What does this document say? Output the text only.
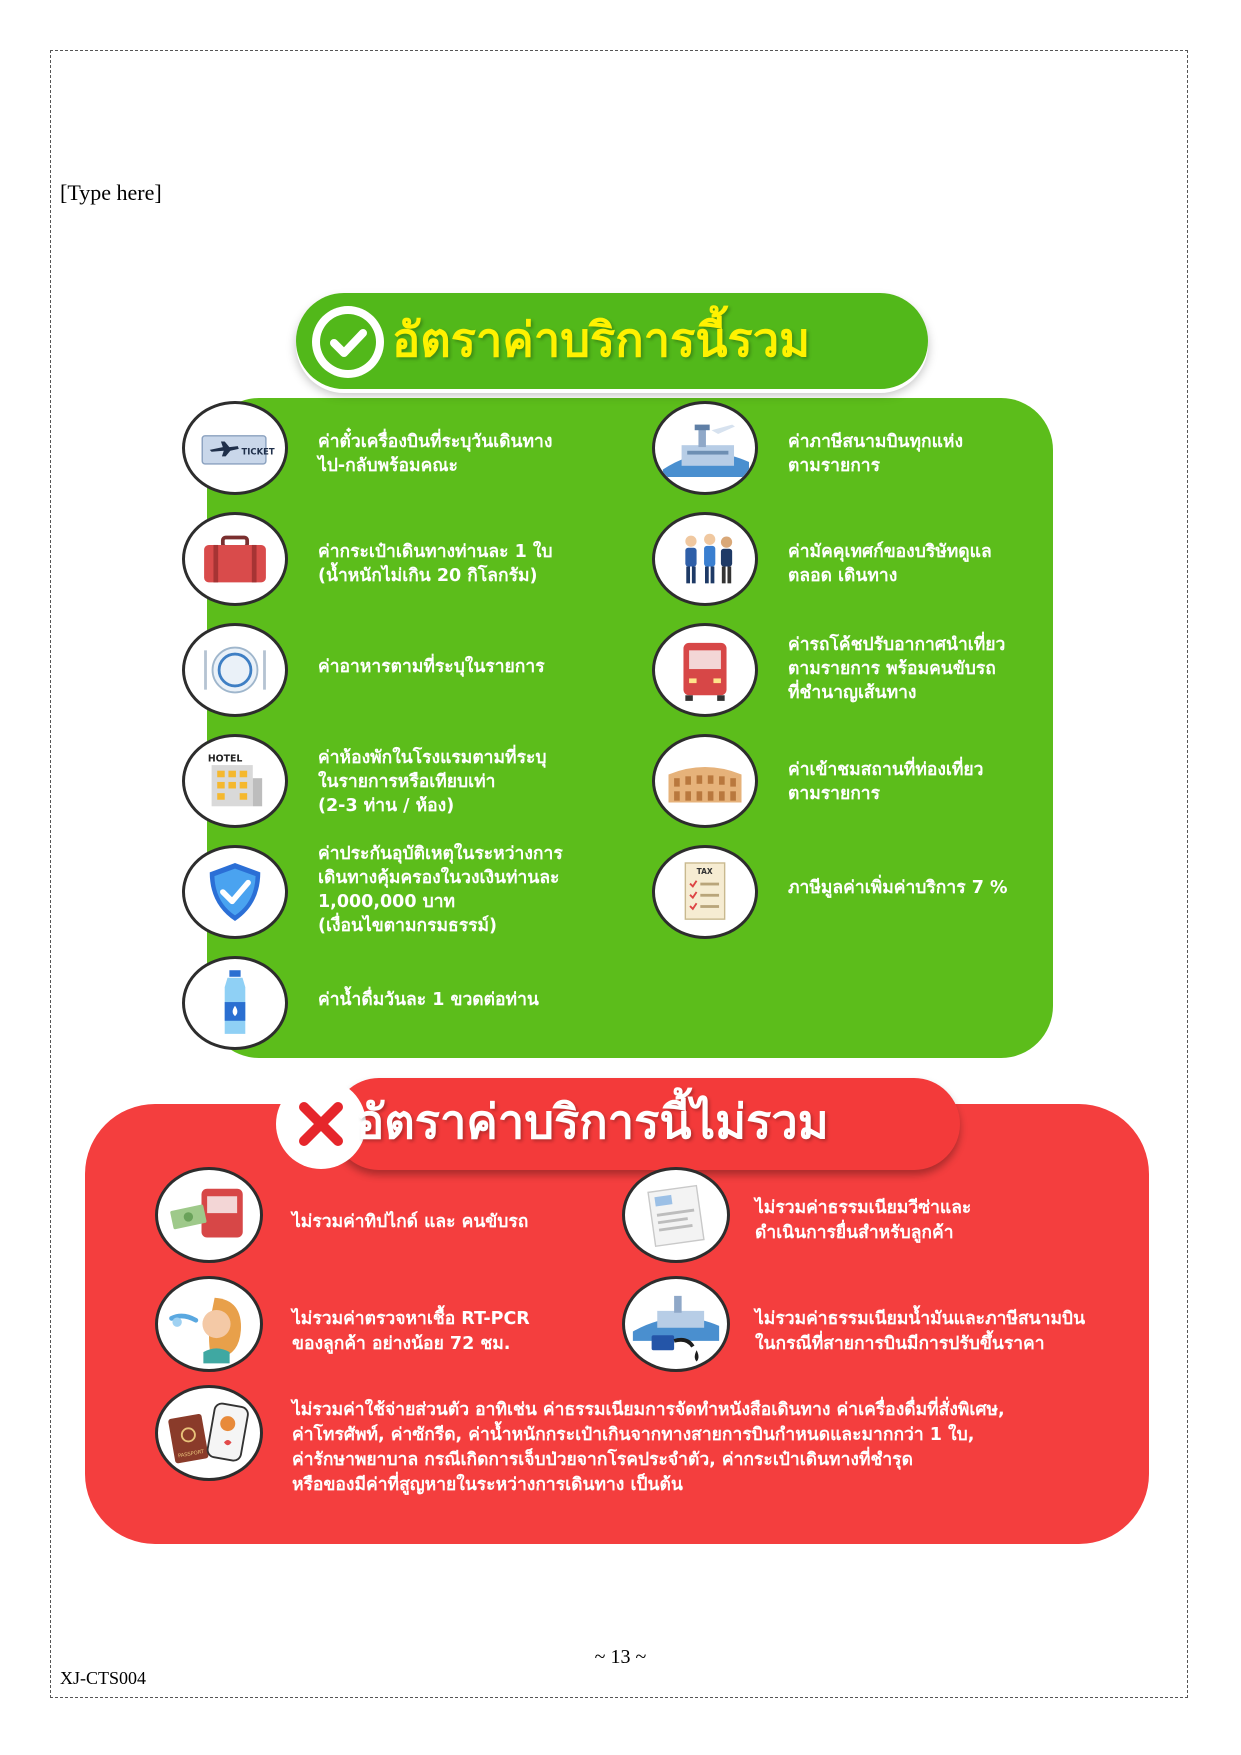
[Type here]
อัตราค่าบริการนี้รวม
TICKET ค่าตั๋วเครื่องบินที่ระบุวันเดินทาง
ไป-กลับพร้อมคณะ
ค่าภาษีสนามบินทุกแห่ง
ตามรายการ
ค่ากระเป๋าเดินทางท่านละ 1 ใบ
(น้ำหนักไม่เกิน 20 กิโลกรัม)
ค่ามัคคุเทศก์ของบริษัทดูแล
ตลอด เดินทาง
ค่าอาหารตามที่ระบุในรายการ
ค่ารถโค้ชปรับอากาศนำเที่ยว
ตามรายการ พร้อมคนขับรถ
ที่ชำนาญเส้นทาง
HOTEL	ค่าห้องพักในโรงแรมตามที่ระบุ
ในรายการหรือเทียบเท่า
(2-3 ท่าน / ห้อง)
ค่าเข้าชมสถานที่ท่องเที่ยว
ตามรายการ
ค่าประกันอุบัติเหตุในระหว่างการ
เดินทางคุ้มครองในวงเงินท่านละ
1,000,000 บาท
(เงื่อนไขตามกรมธรรม์)
TAX
ภาษีมูลค่าเพิ่มค่าบริการ 7 %
ค่าน้ำดื่มวันละ 1 ขวดต่อท่าน
อัตราค่าบริการนี้ไม่รวม
ไม่รวมค่าทิปไกด์ และ คนขับรถ
ไม่รวมค่าธรรมเนียมวีซ่าและ
ดำเนินการยื่นสำหรับลูกค้า
ไม่รวมค่าตรวจหาเชื้อ RT-PCR
ของลูกค้า อย่างน้อย 72 ชม.
ไม่รวมค่าธรรมเนียมน้ำมันและภาษีสนามบิน
ในกรณีที่สายการบินมีการปรับขึ้นราคา
PASSPORT
ไม่รวมค่าใช้จ่ายส่วนตัว อาทิเช่น ค่าธรรมเนียมการจัดทำหนังสือเดินทาง ค่าเครื่องดื่มที่สั่งพิเศษ,
ค่าโทรศัพท์, ค่าซักรีด, ค่าน้ำหนักกระเป๋าเกินจากทางสายการบินกำหนดและมากกว่า 1 ใบ,
ค่ารักษาพยาบาล กรณีเกิดการเจ็บป่วยจากโรคประจำตัว, ค่ากระเป๋าเดินทางที่ชำรุด
หรือของมีค่าที่สูญหายในระหว่างการเดินทาง เป็นต้น
~ 13 ~
XJ-CTS004
